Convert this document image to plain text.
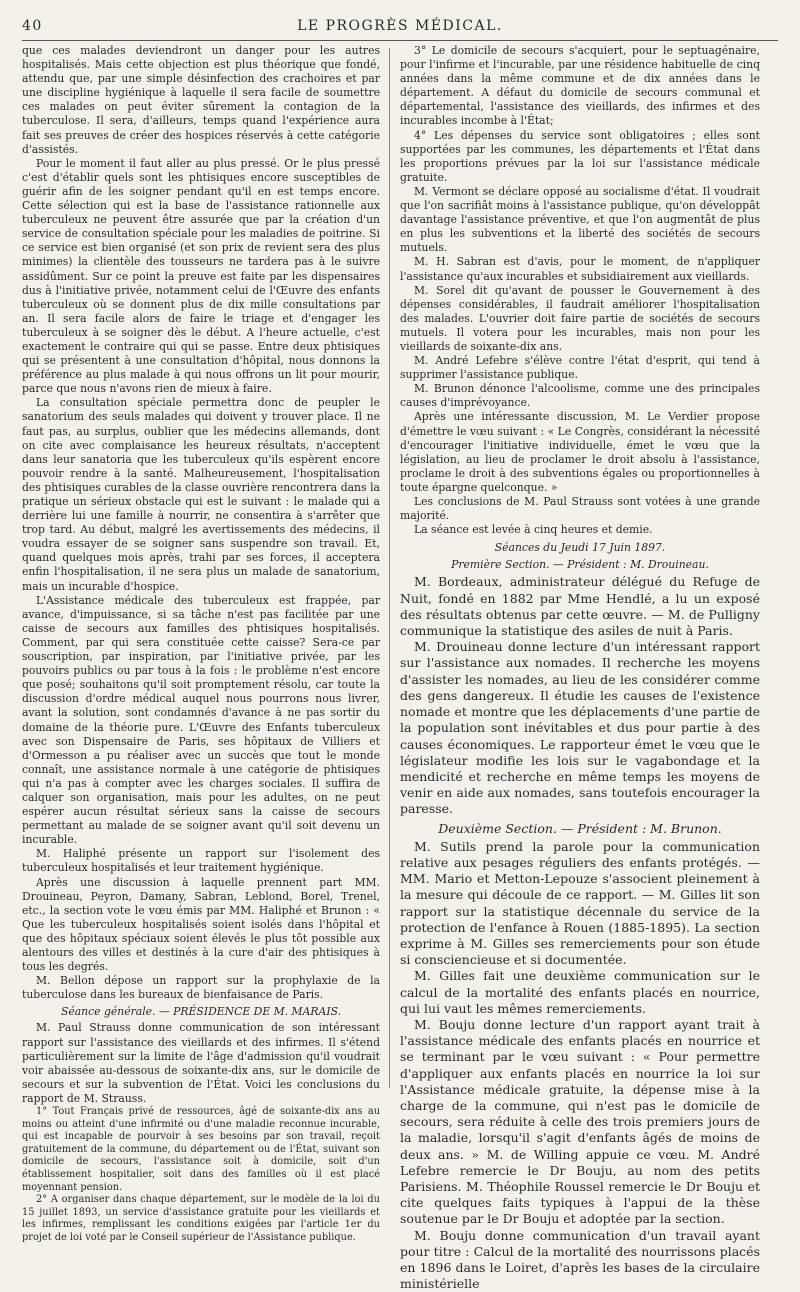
40	LE PROGRÈS MÉDICAL.

que ces malades deviendront un danger pour les autres hospitalisés. Mais cette objection est plus théorique que fondé, attendu que, par une simple désinfection des crachoires et par une discipline hygiénique à laquelle il sera facile de soumettre ces malades on peut éviter sûrement la contagion de la tuberculose. Il sera, d'ailleurs, temps quand l'expérience aura fait ses preuves de créer des hospices réservés à cette catégorie d'assistés.

Pour le moment il faut aller au plus pressé. Or le plus pressé c'est d'établir quels sont les phtisiques encore susceptibles de guérir afin de les soigner pendant qu'il en est temps encore. Cette sélection qui est la base de l'assistance rationnelle aux tuberculeux ne peuvent être assurée que par la création d'un service de consultation spéciale pour les maladies de poitrine. Si ce service est bien organisé (et son prix de revient sera des plus minimes) la clientèle des tousseurs ne tardera pas à le suivre assidûment. Sur ce point la preuve est faite par les dispensaires dus à l'initiative privée, notamment celui de l'Œuvre des enfants tuberculeux où se donnent plus de dix mille consultations par an. Il sera facile alors de faire le triage et d'engager les tuberculeux à se soigner dès le début. A l'heure actuelle, c'est exactement le contraire qui qui se passe. Entre deux phtisiques qui se présentent à une consultation d'hôpital, nous donnons la préférence au plus malade à qui nous offrons un lit pour mourir, parce que nous n'avons rien de mieux à faire.

La consultation spéciale permettra donc de peupler le sanatorium des seuls malades qui doivent y trouver place. Il ne faut pas, au surplus, oublier que les médecins allemands, dont on cite avec complaisance les heureux résultats, n'acceptent dans leur sanatoria que les tuberculeux qu'ils espèrent encore pouvoir rendre à la santé. Malheureusement, l'hospitalisation des phtisiques curables de la classe ouvrière rencontrera dans la pratique un sérieux obstacle qui est le suivant : le malade qui a derrière lui une famille à nourrir, ne consentira à s'arrêter que trop tard. Au début, malgré les avertissements des médecins, il voudra essayer de se soigner sans suspendre son travail. Et, quand quelques mois après, trahi par ses forces, il acceptera enfin l'hospitalisation, il ne sera plus un malade de sanatorium, mais un incurable d'hospice.

L'Assistance médicale des tuberculeux est frappée, par avance, d'impuissance, si sa tâche n'est pas facilitée par une caisse de secours aux familles des phtisiques hospitalisés. Comment, par qui sera constituée cette caisse? Sera-ce par souscription, par inspiration, par l'initiative privée, par les pouvoirs publics ou par tous à la fois : le problème n'est encore que posé; souhaitons qu'il soit promptement résolu, car toute la discussion d'ordre médical auquel nous pourrons nous livrer, avant la solution, sont condamnés d'avance à ne pas sortir du domaine de la théorie pure. L'Œuvre des Enfants tuberculeux avec son Dispensaire de Paris, ses hôpitaux de Villiers et d'Ormesson a pu réaliser avec un succès que tout le monde connaît, une assistance normale à une catégorie de phtisiques qui n'a pas à compter avec les charges sociales. Il suffira de calquer son organisation, mais pour les adultes, on ne peut espérer aucun résultat sérieux sans la caisse de secours permettant au malade de se soigner avant qu'il soit devenu un incurable.

M. Haliphé présente un rapport sur l'isolement des tuberculeux hospitalisés et leur traitement hygiénique.

Après une discussion à laquelle prennent part MM. Drouineau, Peyron, Damany, Sabran, Leblond, Borel, Trenel, etc., la section vote le vœu émis par MM. Haliphé et Brunon : « Que les tuberculeux hospitalisés soient isolés dans l'hôpital et que des hôpitaux spéciaux soient élevés le plus tôt possible aux alentours des villes et destinés à la cure d'air des phtisiques à tous les degrés.

M. Bellon dépose un rapport sur la prophylaxie de la tuberculose dans les bureaux de bienfaisance de Paris.

Séance générale. — PRÉSIDENCE DE M. MARAIS.

M. Paul Strauss donne communication de son intéressant rapport sur l'assistance des vieillards et des infirmes. Il s'étend particulièrement sur la limite de l'âge d'admission qu'il voudrait voir abaissée au-dessous de soixante-dix ans, sur le domicile de secours et sur la subvention de l'État. Voici les conclusions du rapport de M. Strauss.

1° Tout Français privé de ressources, âgé de soixante-dix ans au moins ou atteint d'une infirmité ou d'une maladie reconnue incurable, qui est incapable de pourvoir à ses besoins par son travail, reçoit gratuitement de la commune, du département ou de l'État, suivant son domicile de secours, l'assistance soit à domicile, soit d'un établissement hospitalier, soit dans des familles où il est placé moyennant pension.

2° A organiser dans chaque département, sur le modèle de la loi du 15 juillet 1893, un service d'assistance gratuite pour les vieillards et les infirmes, remplissant les conditions exigées par l'article 1er du projet de loi voté par le Conseil supérieur de l'Assistance publique.

3° Le domicile de secours s'acquiert, pour le septuagénaire, pour l'infirme et l'incurable, par une résidence habituelle de cinq années dans la même commune et de dix années dans le département. A défaut du domicile de secours communal et départemental, l'assistance des vieillards, des infirmes et des incurables incombe à l'État;

4° Les dépenses du service sont obligatoires ; elles sont supportées par les communes, les départements et l'État dans les proportions prévues par la loi sur l'assistance médicale gratuite.

M. Vermont se déclare opposé au socialisme d'état. Il voudrait que l'on sacrifiât moins à l'assistance publique, qu'on développât davantage l'assistance préventive, et que l'on augmentât de plus en plus les subventions et la liberté des sociétés de secours mutuels.

M. H. Sabran est d'avis, pour le moment, de n'appliquer l'assistance qu'aux incurables et subsidiairement aux vieillards.

M. Sorel dit qu'avant de pousser le Gouvernement à des dépenses considérables, il faudrait améliorer l'hospitalisation des malades. L'ouvrier doit faire partie de sociétés de secours mutuels. Il votera pour les incurables, mais non pour les vieillards de soixante-dix ans.

M. André Lefebre s'élève contre l'état d'esprit, qui tend à supprimer l'assistance publique.

M. Brunon dénonce l'alcoolisme, comme une des principales causes d'imprévoyance.

Après une intéressante discussion, M. Le Verdier propose d'émettre le vœu suivant : « Le Congrès, considérant la nécessité d'encourager l'initiative individuelle, émet le vœu que la législation, au lieu de proclamer le droit absolu à l'assistance, proclame le droit à des subventions égales ou proportionnelles à toute épargne quelconque. »

Les conclusions de M. Paul Strauss sont votées à une grande majorité.

La séance est levée à cinq heures et demie.

Séances du Jeudi 17 Juin 1897.

Première Section. — Président : M. Drouineau.

M. Bordeaux, administrateur délégué du Refuge de Nuit, fondé en 1882 par Mme Hendlé, a lu un exposé des résultats obtenus par cette œuvre. — M. de Pulligny communique la statistique des asiles de nuit à Paris.

M. Drouineau donne lecture d'un intéressant rapport sur l'assistance aux nomades. Il recherche les moyens d'assister les nomades, au lieu de les considérer comme des gens dangereux. Il étudie les causes de l'existence nomade et montre que les déplacements d'une partie de la population sont inévitables et dus pour partie à des causes économiques. Le rapporteur émet le vœu que le législateur modifie les lois sur le vagabondage et la mendicité et recherche en même temps les moyens de venir en aide aux nomades, sans toutefois encourager la paresse.

Deuxième Section. — Président : M. Brunon.

M. Sutils prend la parole pour la communication relative aux pesages réguliers des enfants protégés. — MM. Mario et Metton-Lepouze s'associent pleinement à la mesure qui découle de ce rapport. — M. Gilles lit son rapport sur la statistique décennale du service de la protection de l'enfance à Rouen (1885-1895). La section exprime à M. Gilles ses remerciements pour son étude si consciencieuse et si documentée.

M. Gilles fait une deuxième communication sur le calcul de la mortalité des enfants placés en nourrice, qui lui vaut les mêmes remerciements.

M. Bouju donne lecture d'un rapport ayant trait à l'assistance médicale des enfants placés en nourrice et se terminant par le vœu suivant : « Pour permettre d'appliquer aux enfants placés en nourrice la loi sur l'Assistance médicale gratuite, la dépense mise à la charge de la commune, qui n'est pas le domicile de secours, sera réduite à celle des trois premiers jours de la maladie, lorsqu'il s'agit d'enfants âgés de moins de deux ans. » M. de Willing appuie ce vœu. M. André Lefebre remercie le Dr Bouju, au nom des petits Parisiens. M. Théophile Roussel remercie le Dr Bouju et cite quelques faits typiques à l'appui de la thèse soutenue par le Dr Bouju et adoptée par la section.

M. Bouju donne communication d'un travail ayant pour titre : Calcul de la mortalité des nourrissons placés en 1896 dans le Loiret, d'après les bases de la circulaire ministérielle
